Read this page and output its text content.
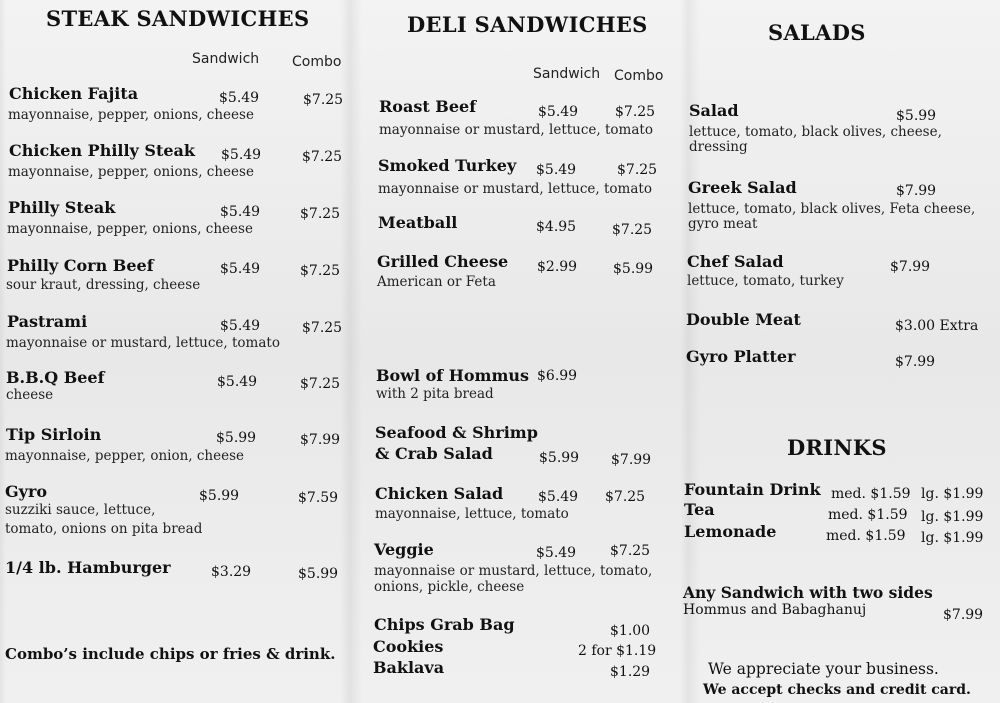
STEAK SANDWICHES
Sandwich Combo
Chicken Fajita
mayonnaise, pepper, onions, cheese
$5.49	$7.25
Chicken Philly Steak
mayonnaise, pepper, onions, cheese
$5.49	$7.25
Philly Steak
mayonnaise, pepper, onions, cheese
$5.49	$7.25
Philly Corn Beef
sour kraut, dressing, cheese
$5.49	$7.25
Pastrami
mayonnaise or mustard, lettuce, tomato
$5.49	$7.25
B.B.Q Beef
cheese
$5.49	$7.25
Tip Sirloin
mayonnaise, pepper, onion, cheese
$5.99	$7.99
Gyro
suzziki sauce, lettuce,
tomato, onions on pita bread
$5.99	$7.59
1/4 lb. Hamburger	$3.29	$5.99
Combo’s include chips or fries & drink.
DELI SANDWICHES
Sandwich Combo
Roast Beef
mayonnaise or mustard, lettuce, tomato
$5.49	$7.25
Smoked Turkey
mayonnaise or mustard, lettuce, tomato
$5.49	$7.25
Meatball	$4.95	$7.25
Grilled Cheese
American or Feta
$2.99	$5.99
Bowl of Hommus
with 2 pita bread
$6.99
Seafood & Shrimp
& Crab Salad	$5.99 $7.99
Chicken Salad
mayonnaise, lettuce, tomato
$5.49 $7.25
Veggie
mayonnaise or mustard, lettuce, tomato,
onions, pickle, cheese
$5.49 $7.25
Chips Grab Bag	$1.00
Cookies	2 for $1.19
Baklava	$1.29
SALADS
Salad
lettuce, tomato, black olives, cheese,
dressing
$5.99
Greek Salad
lettuce, tomato, black olives, Feta cheese,
gyro meat
$7.99
Chef Salad
lettuce, tomato, turkey
$7.99
Double Meat	$3.00 Extra
Gyro Platter	$7.99
DRINKS
Fountain Drink med. $1.59 lg. $1.99
Tea	med. $1.59 lg. $1.99
Lemonade	med. $1.59 lg. $1.99
Any Sandwich with two sides
Hommus and Babaghanuj	$7.99
We appreciate your business.
We accept checks and credit card.
